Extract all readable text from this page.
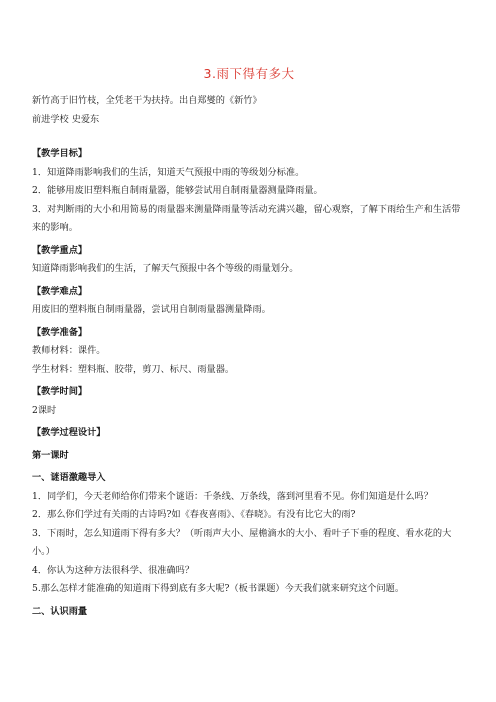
3.雨下得有多大

新竹高于旧竹枝，全凭老干为扶持。出自郑燮的《新竹》

前进学校 史爱东

【教学目标】

1．知道降雨影响我们的生活，知道天气预报中雨的等级划分标准。

2．能够用废旧塑料瓶自制雨量器，能够尝试用自制雨量器测量降雨量。

3．对判断雨的大小和用简易的雨量器来测量降雨量等活动充满兴趣，留心观察，了解下雨给生产和生活带来的影响。

【教学重点】

知道降雨影响我们的生活，了解天气预报中各个等级的雨量划分。

【教学难点】

用废旧的塑料瓶自制雨量器，尝试用自制雨量器测量降雨。

【教学准备】

教师材料：课件。

学生材料：塑料瓶、胶带，剪刀、标尺、雨量器。

【教学时间】

2课时

【教学过程设计】
第一课时
一、谜语激趣导入

1．同学们，今天老师给你们带来个谜语：千条线、万条线，落到河里看不见。你们知道是什么吗？

2．那么你们学过有关雨的古诗吗?如《春夜喜雨》、《春晓》。有没有比它大的雨?

3．下雨时，怎么知道雨下得有多大？（听雨声大小、屋檐滴水的大小、看叶子下垂的程度、看水花的大小。）

4．你认为这种方法很科学、很准确吗？

5.那么怎样才能准确的知道雨下得到底有多大呢?（板书课题）今天我们就来研究这个问题。

二、认识雨量
